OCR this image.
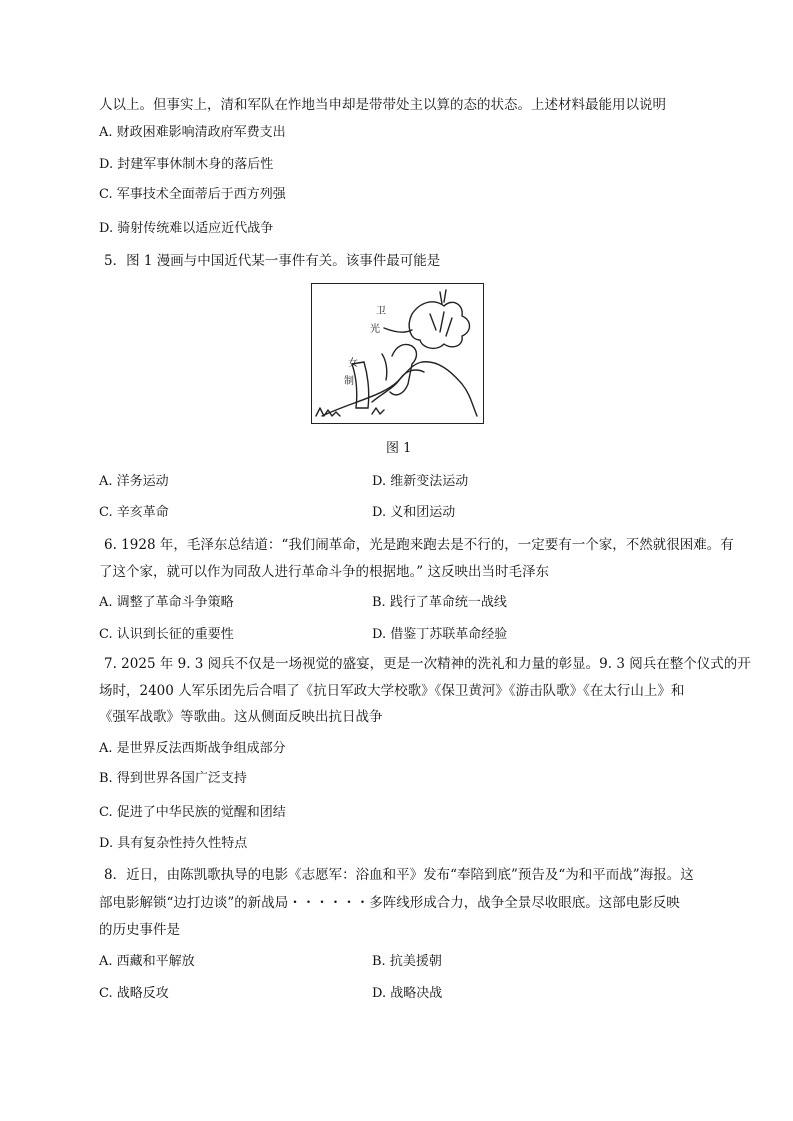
人以上。但事实上，清和军队在怍地当申却是带带处主以算的态的状态。上述材料最能用以说明
A. 财政困难影响清政府军费支出
D. 封建军事休制木身的落后性
C. 军事技术全面蒂后于西方列强
D. 骑射传统难以适应近代战争
5．图 1 漫画与中国近代某一事件有关。该事件最可能是
卫
光
女
制
图 1
A. 洋务运动	D. 维新变法运动
C. 辛亥革命	D. 义和团运动
6. 1928 年，毛泽东总结道：“我们闹革命，光是跑来跑去是不行的，一定要有一个家，不然就很困难。有
了这个家，就可以作为同敌人进行革命斗争的根据地。” 这反映出当时毛泽东
A. 调整了革命斗争策略	B. 践行了革命统一战线
C. 认识到长征的重要性	D. 借鉴丁苏联革命经验
7. 2025 年 9. 3 阅兵不仅是一场视觉的盛宴，更是一次精神的洗礼和力量的彰显。9. 3 阅兵在整个仪式的开
场时，2400 人军乐团先后合唱了《抗日军政大学校歌》《保卫黄河》《游击队歌》《在太行山上》和
《强军战歌》等歌曲。这从侧面反映出抗日战争
A. 是世界反法西斯战争组成部分
B. 得到世界各国广泛支持
C. 促进了中华民族的觉醒和团结
D. 具有复杂性持久性特点
8．近日，由陈凯歌执导的电影《志愿军：浴血和平》发布“奉陪到底”预告及“为和平而战”海报。这
部电影解锁“边打边谈”的新战局・・・・・・多阵线形成合力，战争全景尽收眼底。这部电影反映
的历史事件是
A. 西藏和平解放	B. 抗美援朝
C. 战略反攻	D. 战略决战
